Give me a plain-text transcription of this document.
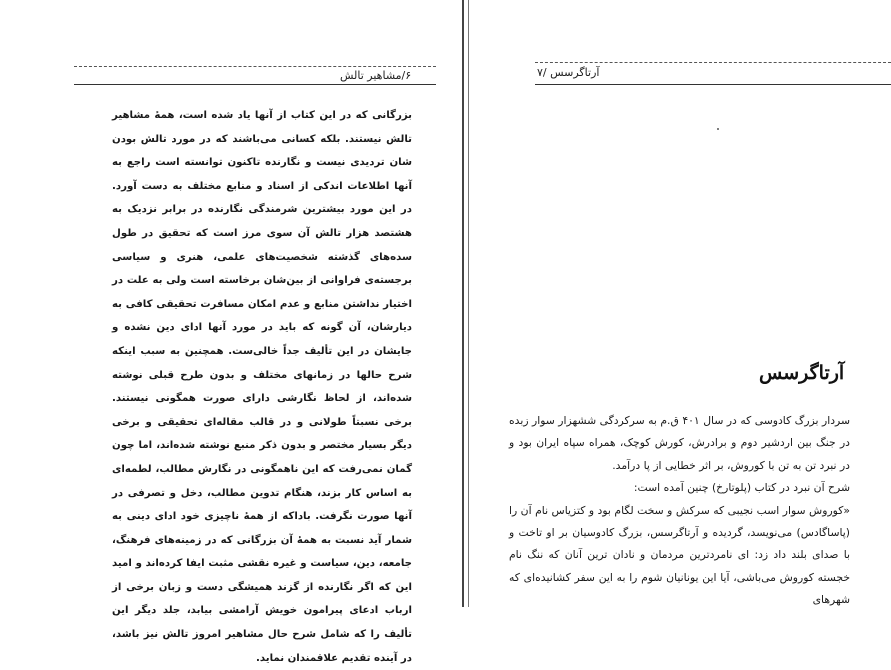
۶/مشاهیر تالش

بزرگانی که در این کتاب از آنها یاد شده است، همهٔ مشاهیر تالش نیستند. بلکه کسانی می‌باشند که در مورد تالش بودن شان تردیدی نیست و نگارنده تاکنون توانسته است راجع به آنها اطلاعات اندکی از اسناد و منابع مختلف به دست آورد. در این مورد بیشترین شرمندگی نگارنده در برابر نزدیک به هشتصد هزار تالش آن سوی مرز است که تحقیق در طول سده‌های گذشته شخصیت‌های علمی، هنری و سیاسی برجسته‌ی فراوانی از بین‌شان برخاسته است ولی به علت در اختیار نداشتن منابع و عدم امکان مسافرت تحقیقی کافی به دیارشان، آن گونه که باید در مورد آنها ادای دین نشده و جایشان در این تألیف جداً خالی‌ست. همچنین به سبب اینکه شرح حالها در زمانهای مختلف و بدون طرح قبلی نوشته شده‌اند، از لحاظ نگارشی دارای صورت همگونی نیستند. برخی نسبتاً طولانی و در قالب مقاله‌ای تحقیقی و برخی دیگر بسیار مختصر و بدون ذکر منبع نوشته شده‌اند، اما چون گمان نمی‌رفت که این ناهمگونی در نگارش مطالب، لطمه‌ای به اساس کار بزند، هنگام تدوین مطالب، دخل و تصرفی در آنها صورت نگرفت. باداکه از همهٔ ناچیزی خود ادای دینی به شمار آید نسبت به همهٔ آن بزرگانی که در زمینه‌های فرهنگ، جامعه، دین، سیاست و غیره نقشی مثبت ایفا کرده‌اند و امید این که اگر نگارنده از گزند همیشگی دست و زبان برخی از ارباب ادعای پیرامون خویش آرامشی بیابد، جلد دیگر این تألیف را که شامل شرح حال مشاهیر امروز تالش نیز باشد، در آینده تقدیم علاقمندان نماید.

آرتاگرسس /۷
آرتاگرسس

سردار بزرگ کادوسی که در سال ۴۰۱ ق.م به سرکردگی ششهزار سوار زبده در جنگ بین اردشیر دوم و برادرش، کورش کوچک، همراه سپاه ایران بود و در نبرد تن به تن با کوروش، بر اثر خطایی از پا درآمد.

شرح آن نبرد در کتاب (پلوتارخ) چنین آمده است:

«کوروش سوار اسب نجیبی که سرکش و سخت لگام بود و کتزیاس نام آن را (پاساگادس) می‌نویسد، گردیده و آرتاگرسس، بزرگ کادوسیان بر او تاخت و با صدای بلند داد زد: ای نامردترین مردمان و نادان ترین آنان که ننگ نام خجسته کوروش می‌باشی، آیا این یونانیان شوم را به این سفر کشانیده‌ای که شهرهای
